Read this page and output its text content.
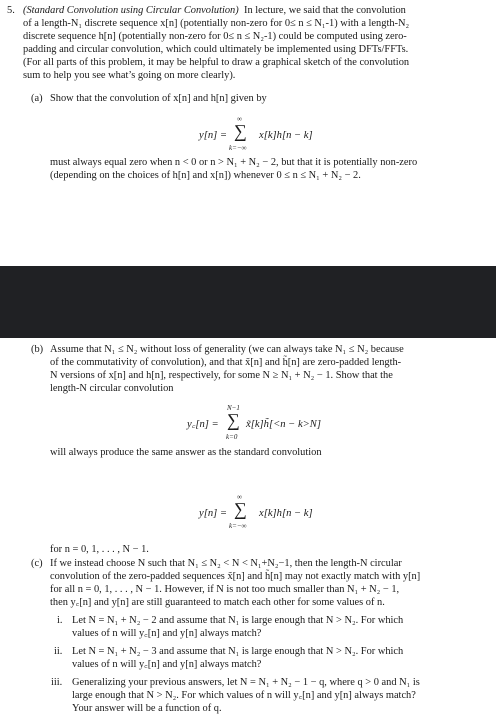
5. (Standard Convolution using Circular Convolution) In lecture, we said that the convolution
of a length-N₁ discrete sequence x[n] (potentially non-zero for 0≤ n ≤ N₁-1) with a length-N₂
discrete sequence h[n] (potentially non-zero for 0≤ n ≤ N₂-1) could be computed using zero-
padding and circular convolution, which could ultimately be implemented using DFTs/FFTs.
(For all parts of this problem, it may be helpful to draw a graphical sketch of the convolution
sum to help you see what’s going on more clearly).
(a) Show that the convolution of x[n] and h[n] given by
y[n] =
∞
∑
k=−∞
x[k]h[n − k]
must always equal zero when n < 0 or n > N₁ + N₂ − 2, but that it is potentially non-zero
(depending on the choices of h[n] and x[n]) whenever 0 ≤ n ≤ N₁ + N₂ − 2.
(b) Assume that N₁ ≤ N₂ without loss of generality (we can always take N₁ ≤ N₂ because
of the commutativity of convolution), and that x̃[n] and h̃[n] are zero-padded length-
N versions of x[n] and h[n], respectively, for some N ≥ N₁ + N₂ − 1. Show that the
length-N circular convolution
y꜀[n] =
N−1
∑
k=0
x̃[k]h̃[<n − k>N]
will always produce the same answer as the standard convolution
y[n] =
∞
∑
k=−∞
x[k]h[n − k]
for n = 0, 1, . . . , N − 1.
(c) If we instead choose N such that N₁ ≤ N₂ < N < N₁+N₂−1, then the length-N circular
convolution of the zero-padded sequences x̃[n] and h̃[n] may not exactly match with y[n]
for all n = 0, 1, . . . , N − 1. However, if N is not too much smaller than N₁ + N₂ − 1,
then y꜀[n] and y[n] are still guaranteed to match each other for some values of n.
i. Let N = N₁ + N₂ − 2 and assume that N₁ is large enough that N > N₂. For which
values of n will y꜀[n] and y[n] always match?
ii. Let N = N₁ + N₂ − 3 and assume that N₁ is large enough that N > N₂. For which
values of n will y꜀[n] and y[n] always match?
iii. Generalizing your previous answers, let N = N₁ + N₂ − 1 − q, where q > 0 and N₁ is
large enough that N > N₂. For which values of n will y꜀[n] and y[n] always match?
Your answer will be a function of q.
